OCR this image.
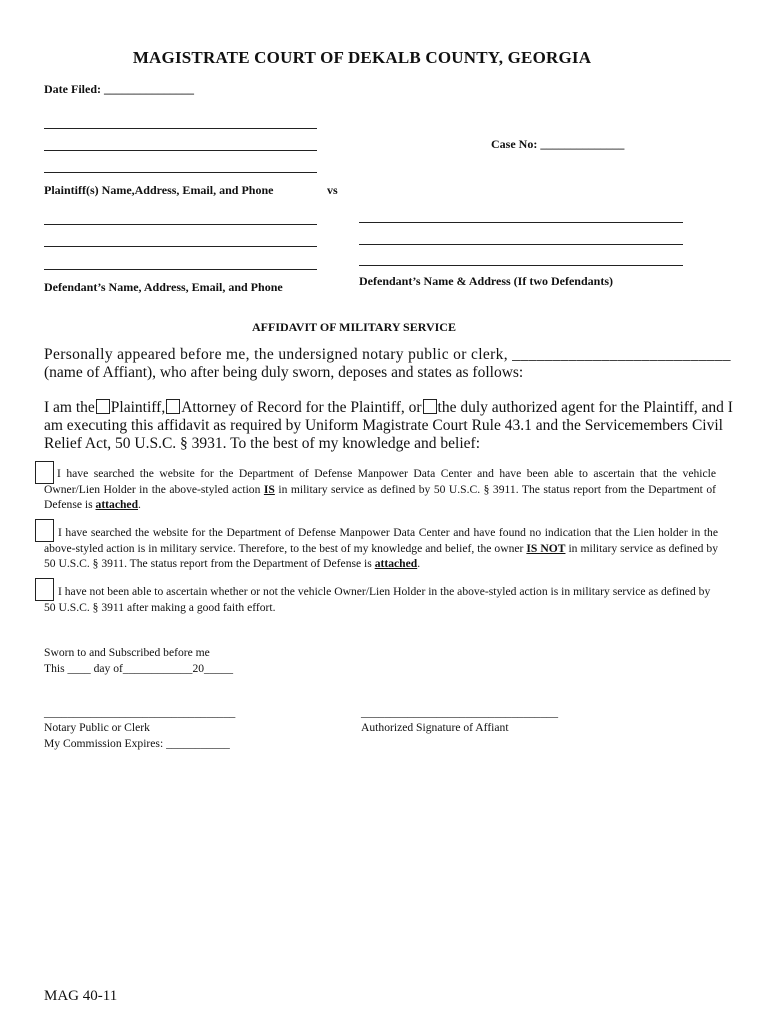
MAGISTRATE COURT OF DEKALB COUNTY, GEORGIA
Date Filed: _______________
Case No: ______________
Plaintiff(s) Name,Address, Email, and Phone	vs
Defendant’s Name & Address (If two Defendants)
Defendant’s Name, Address, Email, and Phone
AFFIDAVIT OF MILITARY SERVICE
Personally appeared before me, the undersigned notary public or clerk, ___________________________
(name of Affiant), who after being duly sworn, deposes and states as follows:
I am the Plaintiff, Attorney of Record for the Plaintiff, or the duly authorized agent for the Plaintiff, and I
am executing this affidavit as required by Uniform Magistrate Court Rule 43.1 and the Servicemembers Civil
Relief Act, 50 U.S.C. § 3931. To the best of my knowledge and belief:
I have searched the website for the Department of Defense Manpower Data Center and have been able to ascertain that the vehicle Owner/Lien Holder in the above-styled action IS in military service as defined by 50 U.S.C. § 3911. The status report from the Department of Defense is attached.
I have searched the website for the Department of Defense Manpower Data Center and have found no indication that the Lien holder in the above-styled action is in military service. Therefore, to the best of my knowledge and belief, the owner IS NOT in military service as defined by 50 U.S.C. § 3911. The status report from the Department of Defense is attached.
I have not been able to ascertain whether or not the vehicle Owner/Lien Holder in the above-styled action is in military service as defined by 50 U.S.C. § 3911 after making a good faith effort.
Sworn to and Subscribed before me
This ____ day of____________20_____
_________________________________
Notary Public or Clerk
My Commission Expires: ___________
__________________________________
Authorized Signature of Affiant
MAG 40-11
